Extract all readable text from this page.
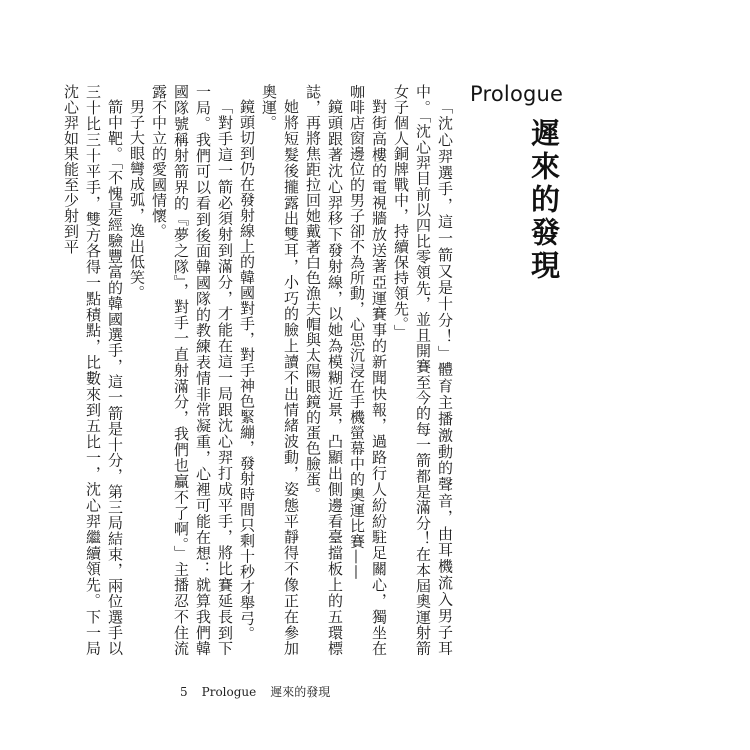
Prologue
遲來的發現

「沈心羿選手，這一箭又是十分！」體育主播激動的聲音，由耳機流入男子耳中。「沈心羿目前以四比零領先，並且開賽至今的每一箭都是滿分！在本屆奧運射箭女子個人銅牌戰中，持續保持領先。」

對街高樓的電視牆放送著亞運賽事的新聞快報，過路行人紛紛駐足關心，獨坐在咖啡店窗邊位的男子卻不為所動，心思沉浸在手機螢幕中的奧運比賽——

鏡頭跟著沈心羿移下發射線，以她為模糊近景，凸顯出側邊看臺擋板上的五環標誌，再將焦距拉回她戴著白色漁夫帽與太陽眼鏡的蛋色臉蛋。

她將短髮後攏露出雙耳，小巧的臉上讀不出情緒波動，姿態平靜得不像正在參加奧運。

鏡頭切到仍在發射線上的韓國對手，對手神色緊繃，發射時間只剩十秒才舉弓。

「對手這一箭必須射到滿分，才能在這一局跟沈心羿打成平手，將比賽延長到下一局。我們可以看到後面韓國隊的教練表情非常凝重，心裡可能在想：就算我們韓國隊號稱射箭界的『夢之隊』，對手一直射滿分，我們也贏不了啊。」主播忍不住流露不中立的愛國情懷。

男子大眼彎成弧，逸出低笑。

箭中靶。「不愧是經驗豐富的韓國選手，這一箭是十分，第三局結束，兩位選手以三十比三十平手，雙方各得一點積點，比數來到五比一，沈心羿繼續領先。下一局沈心羿如果能至少射到平

5 Prologue 遲來的發現
